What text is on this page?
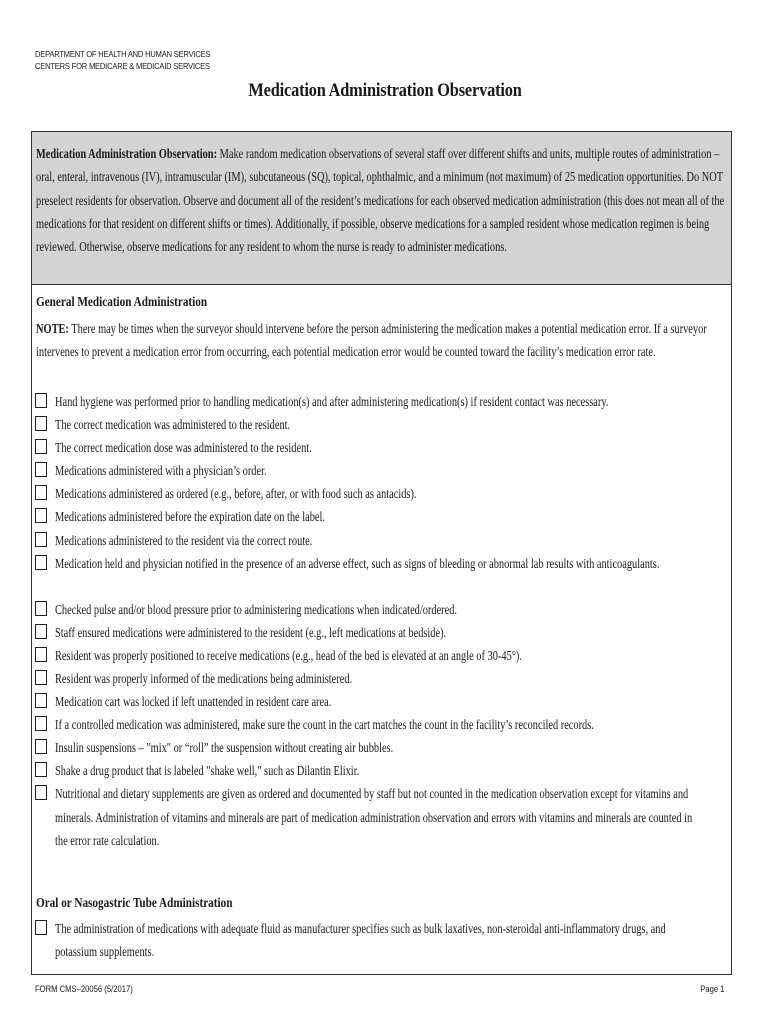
DEPARTMENT OF HEALTH AND HUMAN SERVICES
CENTERS FOR MEDICARE & MEDICAID SERVICES
Medication Administration Observation
Medication Administration Observation: Make random medication observations of several staff over different shifts and units, multiple routes of administration – oral, enteral, intravenous (IV), intramuscular (IM), subcutaneous (SQ), topical, ophthalmic, and a minimum (not maximum) of 25 medication opportunities. Do NOT preselect residents for observation. Observe and document all of the resident’s medications for each observed medication administration (this does not mean all of the medications for that resident on different shifts or times). Additionally, if possible, observe medications for a sampled resident whose medication regimen is being reviewed. Otherwise, observe medications for any resident to whom the nurse is ready to administer medications.
General Medication Administration
NOTE: There may be times when the surveyor should intervene before the person administering the medication makes a potential medication error. If a surveyor intervenes to prevent a medication error from occurring, each potential medication error would be counted toward the facility’s medication error rate.
Hand hygiene was performed prior to handling medication(s) and after administering medication(s) if resident contact was necessary.
The correct medication was administered to the resident.
The correct medication dose was administered to the resident.
Medications administered with a physician’s order.
Medications administered as ordered (e.g., before, after, or with food such as antacids).
Medications administered before the expiration date on the label.
Medications administered to the resident via the correct route.
Medication held and physician notified in the presence of an adverse effect, such as signs of bleeding or abnormal lab results with anticoagulants.
Checked pulse and/or blood pressure prior to administering medications when indicated/ordered.
Staff ensured medications were administered to the resident (e.g., left medications at bedside).
Resident was properly positioned to receive medications (e.g., head of the bed is elevated at an angle of 30-45°).
Resident was properly informed of the medications being administered.
Medication cart was locked if left unattended in resident care area.
If a controlled medication was administered, make sure the count in the cart matches the count in the facility’s reconciled records.
Insulin suspensions – "mix" or “roll” the suspension without creating air bubbles.
Shake a drug product that is labeled "shake well," such as Dilantin Elixir.
Nutritional and dietary supplements are given as ordered and documented by staff but not counted in the medication observation except for vitamins and minerals. Administration of vitamins and minerals are part of medication administration observation and errors with vitamins and minerals are counted in the error rate calculation.
Oral or Nasogastric Tube Administration
The administration of medications with adequate fluid as manufacturer specifies such as bulk laxatives, non-steroidal anti-inflammatory drugs, and potassium supplements.
FORM CMS–20056 (5/2017)	Page 1
